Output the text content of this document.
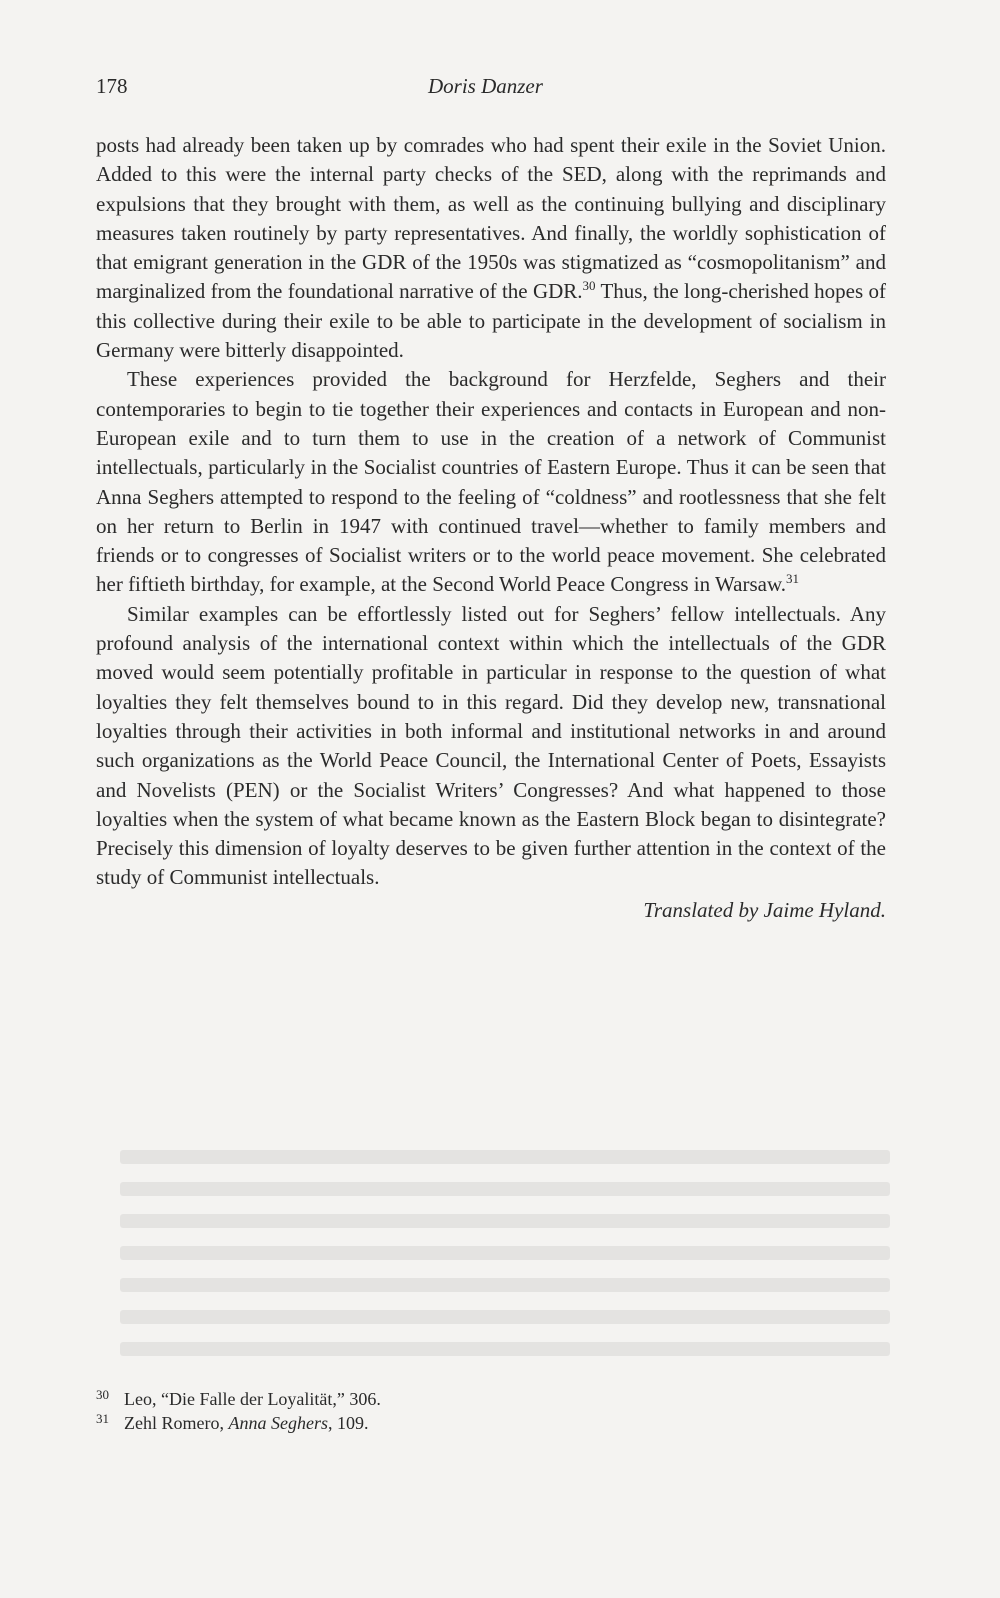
178	Doris Danzer

posts had already been taken up by comrades who had spent their exile in the Soviet Union. Added to this were the internal party checks of the SED, along with the reprimands and expulsions that they brought with them, as well as the continuing bullying and disciplinary measures taken routinely by party representatives. And finally, the worldly sophistication of that emigrant generation in the GDR of the 1950s was stigmatized as “cosmopolitanism” and marginalized from the foundational narrative of the GDR.$^{30}$ Thus, the long-cherished hopes of this collective during their exile to be able to participate in the development of socialism in Germany were bitterly disappointed.

These experiences provided the background for Herzfelde, Seghers and their contemporaries to begin to tie together their experiences and contacts in European and non-European exile and to turn them to use in the creation of a network of Communist intellectuals, particularly in the Socialist countries of Eastern Europe. Thus it can be seen that Anna Seghers attempted to respond to the feeling of “coldness” and rootlessness that she felt on her return to Berlin in 1947 with continued travel—whether to family members and friends or to congresses of Socialist writers or to the world peace movement. She celebrated her fiftieth birthday, for example, at the Second World Peace Congress in Warsaw.$^{31}$

Similar examples can be effortlessly listed out for Seghers’ fellow intellectuals. Any profound analysis of the international context within which the intellectuals of the GDR moved would seem potentially profitable in particular in response to the question of what loyalties they felt themselves bound to in this regard. Did they develop new, transnational loyalties through their activities in both informal and institutional networks in and around such organizations as the World Peace Council, the International Center of Poets, Essayists and Novelists (PEN) or the Socialist Writers’ Congresses? And what happened to those loyalties when the system of what became known as the Eastern Block began to disintegrate? Precisely this dimension of loyalty deserves to be given further attention in the context of the study of Communist intellectuals.

Translated by Jaime Hyland.
30 Leo, “Die Falle der Loyalität,” 306.
31 Zehl Romero, Anna Seghers, 109.
